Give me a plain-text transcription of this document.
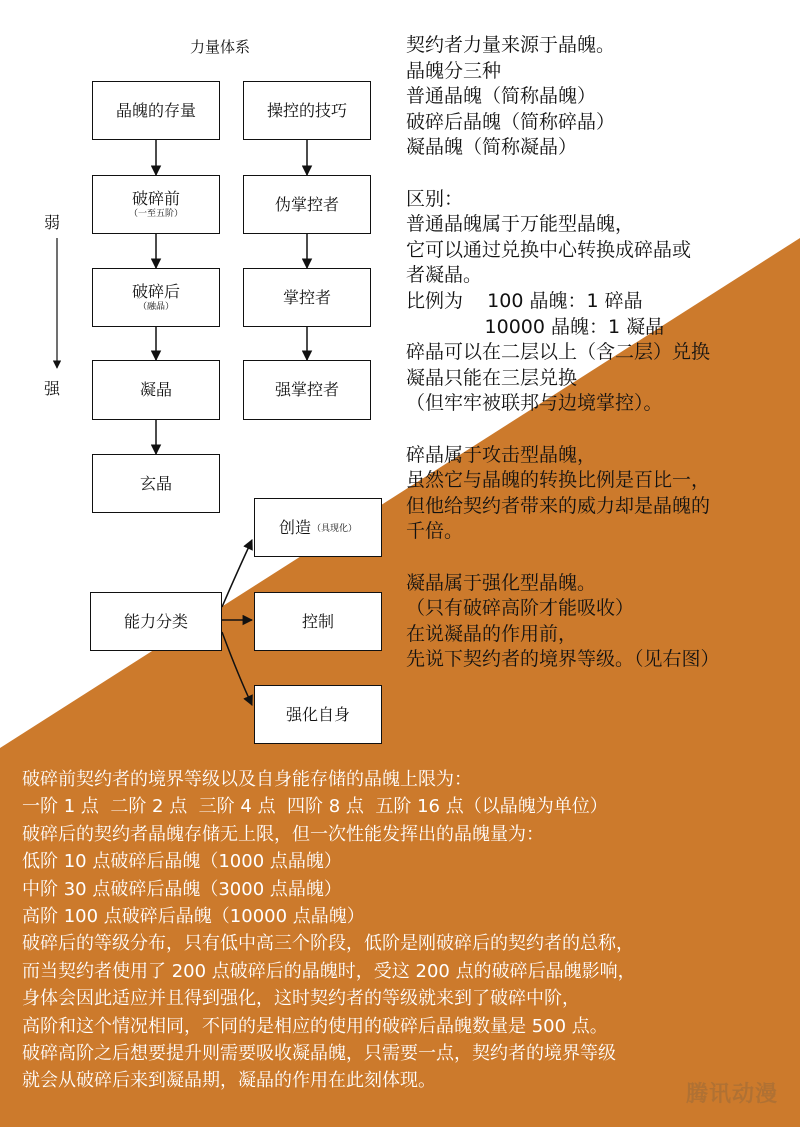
力量体系
弱
强
晶魄的存量
破碎前
（一至五阶）
破碎后
（融晶）
凝晶
玄晶
操控的技巧
伪掌控者
掌控者
强掌控者
能力分类
创造 （具现化）
控制
强化自身
契约者力量来源于晶魄。
晶魄分三种
普通晶魄（简称晶魄）
破碎后晶魄（简称碎晶）
凝晶魄（简称凝晶）
区别：
普通晶魄属于万能型晶魄，
它可以通过兑换中心转换成碎晶或
者凝晶。
比例为    100 晶魄：1 碎晶
10000 晶魄：1 凝晶
碎晶可以在二层以上（含二层）兑换
凝晶只能在三层兑换
（但牢牢被联邦与边境掌控）。
碎晶属于攻击型晶魄，
虽然它与晶魄的转换比例是百比一，
但他给契约者带来的威力却是晶魄的
千倍。
凝晶属于强化型晶魄。
（只有破碎高阶才能吸收）
在说凝晶的作用前，
先说下契约者的境界等级。（见右图）
破碎前契约者的境界等级以及自身能存储的晶魄上限为：
一阶 1 点  二阶 2 点  三阶 4 点  四阶 8 点  五阶 16 点（以晶魄为单位）
破碎后的契约者晶魄存储无上限，但一次性能发挥出的晶魄量为：
低阶 10 点破碎后晶魄（1000 点晶魄）
中阶 30 点破碎后晶魄（3000 点晶魄）
高阶 100 点破碎后晶魄（10000 点晶魄）
破碎后的等级分布，只有低中高三个阶段，低阶是刚破碎后的契约者的总称，
而当契约者使用了 200 点破碎后的晶魄时，受这 200 点的破碎后晶魄影响，
身体会因此适应并且得到强化，这时契约者的等级就来到了破碎中阶，
高阶和这个情况相同，不同的是相应的使用的破碎后晶魄数量是 500 点。
破碎高阶之后想要提升则需要吸收凝晶魄，只需要一点，契约者的境界等级
就会从破碎后来到凝晶期，凝晶的作用在此刻体现。
腾讯动漫
